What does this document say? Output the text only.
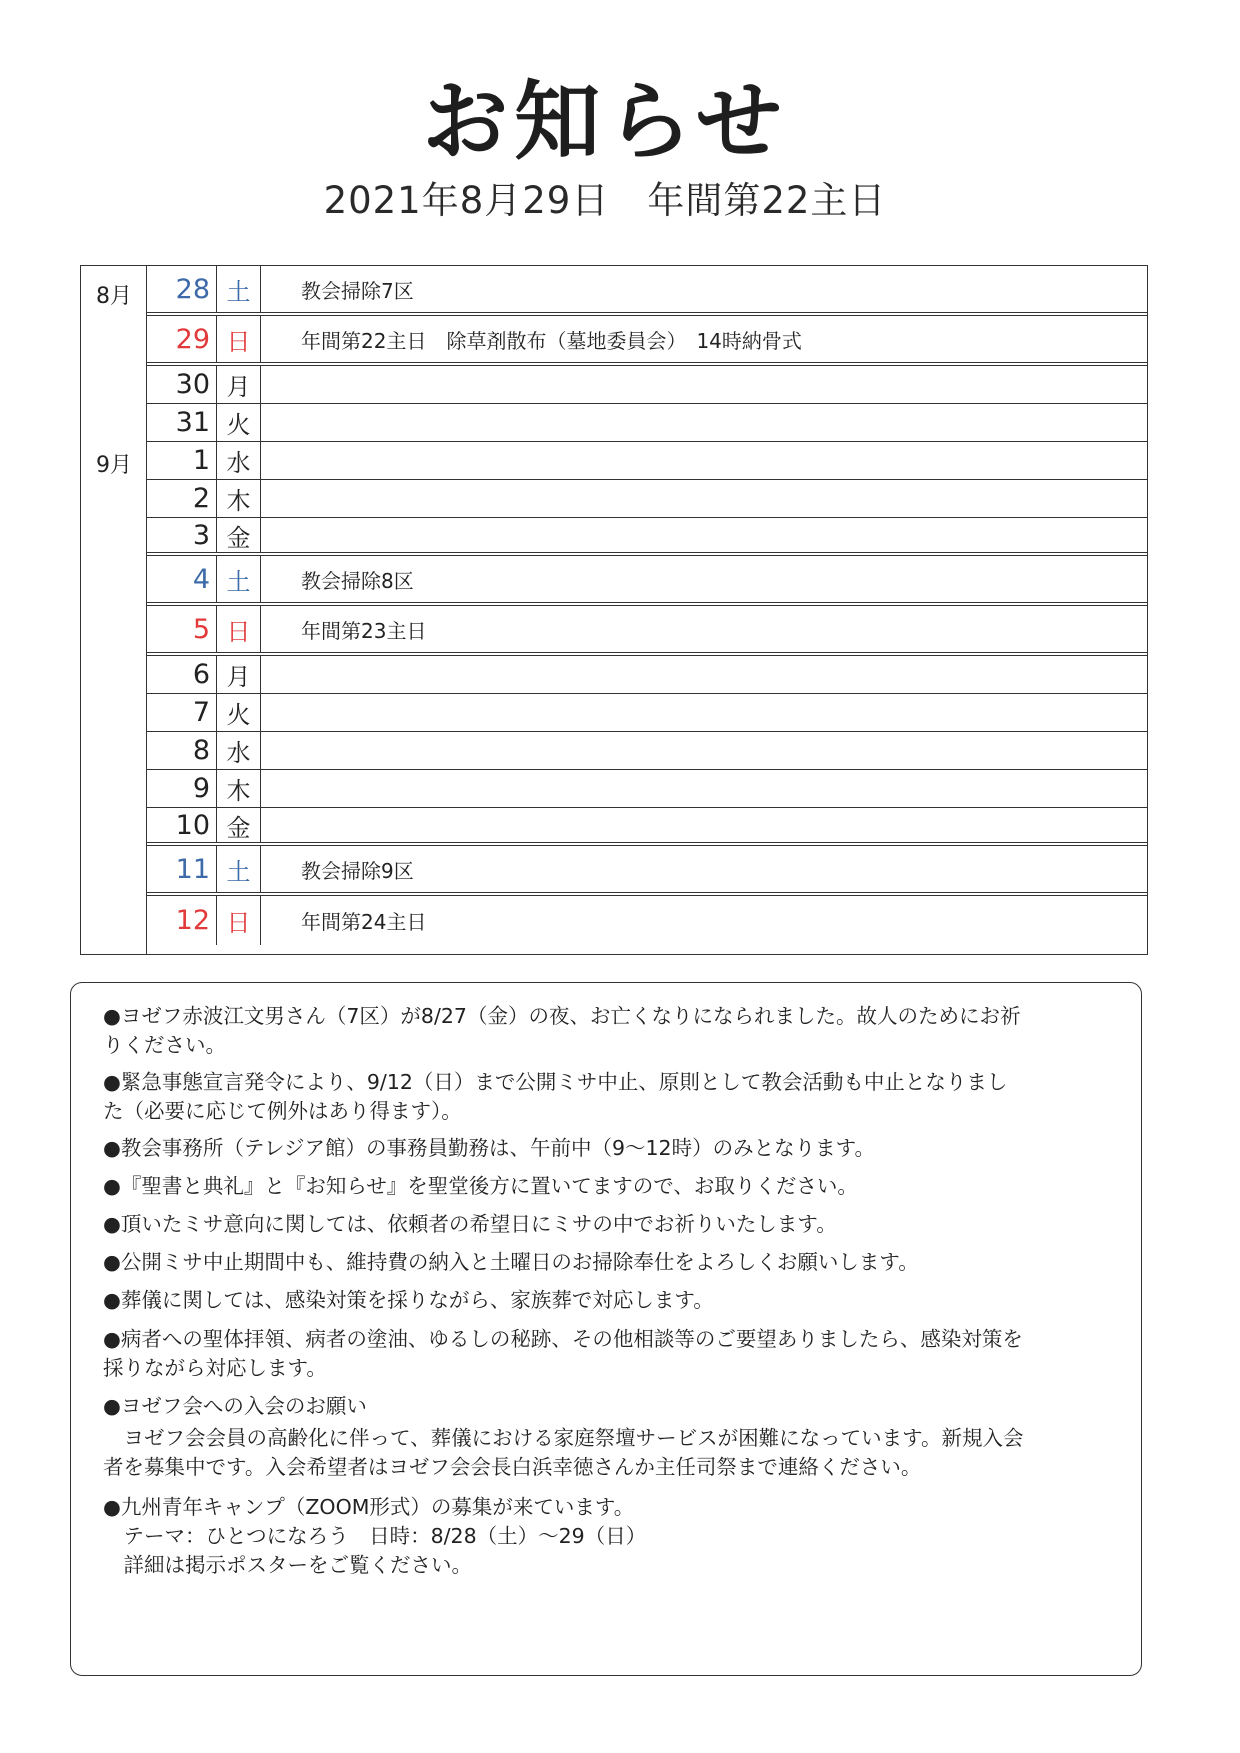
お知らせ
2021年8月29日　年間第22主日
8月
9月
28 土	教会掃除7区
29 日	年間第22主日　除草剤散布（墓地委員会）　14時納骨式
30 月
31 火
1 水
2 木
3 金
4 土	教会掃除8区
5 日	年間第23主日
6 月
7 火
8 水
9 木
10 金
11 土	教会掃除9区
12 日	年間第24主日
●ヨゼフ赤波江文男さん（7区）が8/27（金）の夜、お亡くなりになられました。故人のためにお祈
りください。
●緊急事態宣言発令により、9/12（日）まで公開ミサ中止、原則として教会活動も中止となりまし
た（必要に応じて例外はあり得ます）。
●教会事務所（テレジア館）の事務員勤務は、午前中（9～12時）のみとなります。
●『聖書と典礼』と『お知らせ』を聖堂後方に置いてますので、お取りください。
●頂いたミサ意向に関しては、依頼者の希望日にミサの中でお祈りいたします。
●公開ミサ中止期間中も、維持費の納入と土曜日のお掃除奉仕をよろしくお願いします。
●葬儀に関しては、感染対策を採りながら、家族葬で対応します。
●病者への聖体拝領、病者の塗油、ゆるしの秘跡、その他相談等のご要望ありましたら、感染対策を
採りながら対応します。
●ヨゼフ会への入会のお願い
　ヨゼフ会会員の高齢化に伴って、葬儀における家庭祭壇サービスが困難になっています。新規入会
者を募集中です。入会希望者はヨゼフ会会長白浜幸徳さんか主任司祭まで連絡ください。
●九州青年キャンプ（ZOOM形式）の募集が来ています。
　テーマ：ひとつになろう　日時：8/28（土）～29（日）
　詳細は掲示ポスターをご覧ください。
